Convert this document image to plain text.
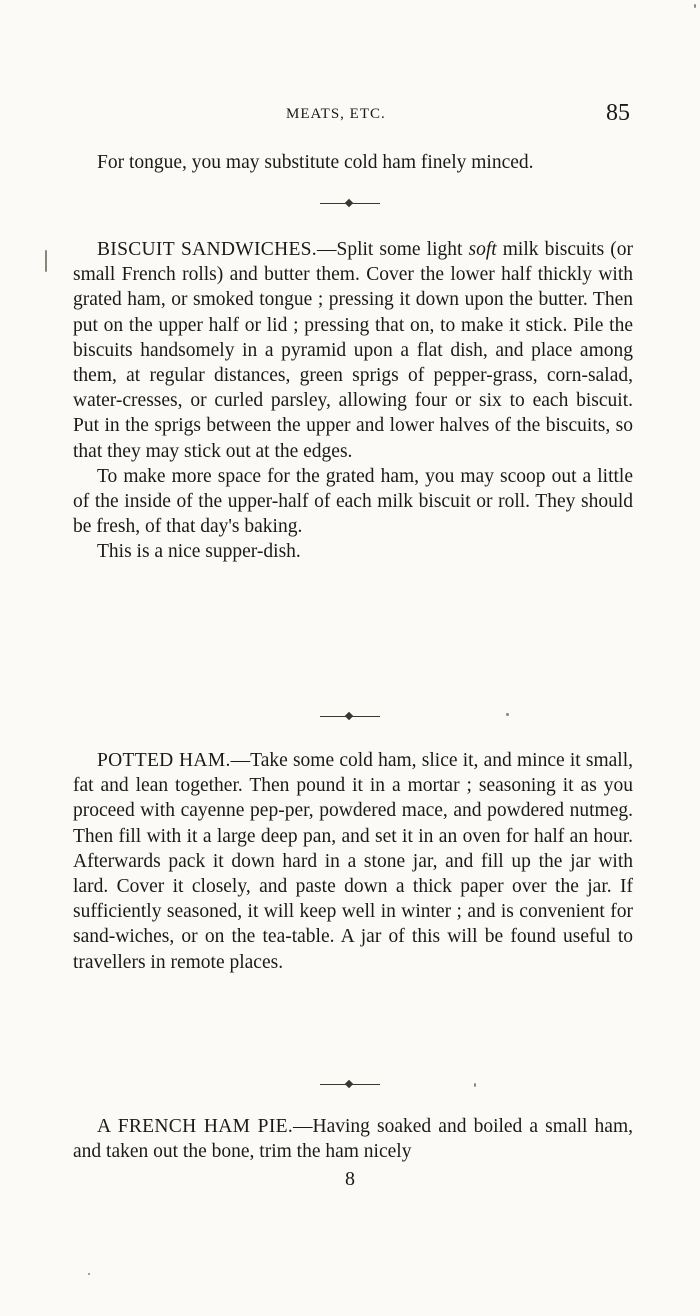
MEATS, ETC.	85

For tongue, you may substitute cold ham finely minced.

BISCUIT SANDWICHES.—Split some light soft milk biscuits (or small French rolls) and butter them. Cover the lower half thickly with grated ham, or smoked tongue ; pressing it down upon the butter. Then put on the upper half or lid ; pressing that on, to make it stick. Pile the biscuits handsomely in a pyramid upon a flat dish, and place among them, at regular distances, green sprigs of pepper-grass, corn-salad, water-cresses, or curled parsley, allowing four or six to each biscuit. Put in the sprigs between the upper and lower halves of the biscuits, so that they may stick out at the edges.

To make more space for the grated ham, you may scoop out a little of the inside of the upper-half of each milk biscuit or roll. They should be fresh, of that day's baking.

This is a nice supper-dish.

POTTED HAM.—Take some cold ham, slice it, and mince it small, fat and lean together. Then pound it in a mortar ; seasoning it as you proceed with cayenne pep-per, powdered mace, and powdered nutmeg. Then fill with it a large deep pan, and set it in an oven for half an hour. Afterwards pack it down hard in a stone jar, and fill up the jar with lard. Cover it closely, and paste down a thick paper over the jar. If sufficiently seasoned, it will keep well in winter ; and is convenient for sand-wiches, or on the tea-table. A jar of this will be found useful to travellers in remote places.

A FRENCH HAM PIE.—Having soaked and boiled a small ham, and taken out the bone, trim the ham nicely

8
